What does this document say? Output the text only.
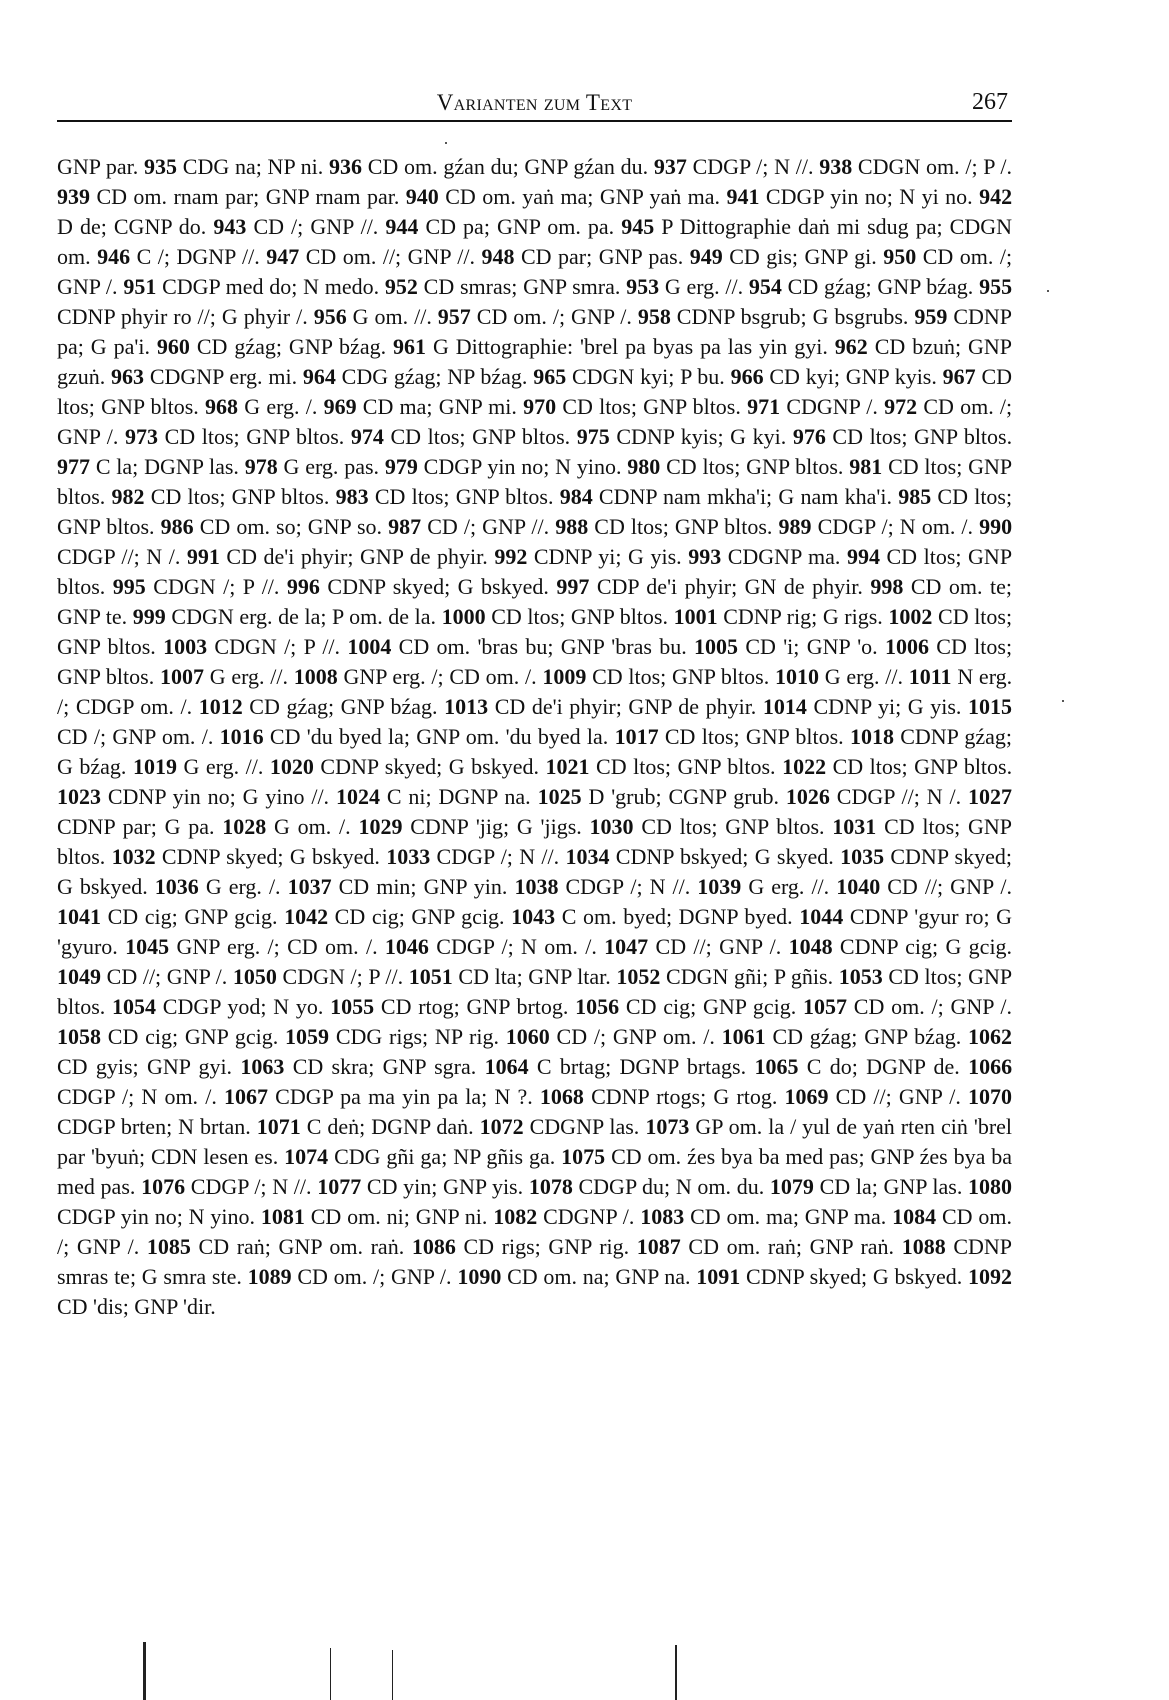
Varianten zum Text	267

GNP par. 935 CDG na; NP ni. 936 CD om. gźan du; GNP gźan du. 937 CDGP /; N //. 938 CDGN om. /; P /. 939 CD om. rnam par; GNP rnam par. 940 CD om. yaṅ ma; GNP yaṅ ma. 941 CDGP yin no; N yi no. 942 D de; CGNP do. 943 CD /; GNP //. 944 CD pa; GNP om. pa. 945 P Dittographie daṅ mi sdug pa; CDGN om. 946 C /; DGNP //. 947 CD om. //; GNP //. 948 CD par; GNP pas. 949 CD gis; GNP gi. 950 CD om. /; GNP /. 951 CDGP med do; N medo. 952 CD smras; GNP smra. 953 G erg. //. 954 CD gźag; GNP bźag. 955 CDNP phyir ro //; G phyir /. 956 G om. //. 957 CD om. /; GNP /. 958 CDNP bsgrub; G bsgrubs. 959 CDNP pa; G pa'i. 960 CD gźag; GNP bźag. 961 G Dittographie: 'brel pa byas pa las yin gyi. 962 CD bzuṅ; GNP gzuṅ. 963 CDGNP erg. mi. 964 CDG gźag; NP bźag. 965 CDGN kyi; P bu. 966 CD kyi; GNP kyis. 967 CD ltos; GNP bltos. 968 G erg. /. 969 CD ma; GNP mi. 970 CD ltos; GNP bltos. 971 CDGNP /. 972 CD om. /; GNP /. 973 CD ltos; GNP bltos. 974 CD ltos; GNP bltos. 975 CDNP kyis; G kyi. 976 CD ltos; GNP bltos. 977 C la; DGNP las. 978 G erg. pas. 979 CDGP yin no; N yino. 980 CD ltos; GNP bltos. 981 CD ltos; GNP bltos. 982 CD ltos; GNP bltos. 983 CD ltos; GNP bltos. 984 CDNP nam mkha'i; G nam kha'i. 985 CD ltos; GNP bltos. 986 CD om. so; GNP so. 987 CD /; GNP //. 988 CD ltos; GNP bltos. 989 CDGP /; N om. /. 990 CDGP //; N /. 991 CD de'i phyir; GNP de phyir. 992 CDNP yi; G yis. 993 CDGNP ma. 994 CD ltos; GNP bltos. 995 CDGN /; P //. 996 CDNP skyed; G bskyed. 997 CDP de'i phyir; GN de phyir. 998 CD om. te; GNP te. 999 CDGN erg. de la; P om. de la. 1000 CD ltos; GNP bltos. 1001 CDNP rig; G rigs. 1002 CD ltos; GNP bltos. 1003 CDGN /; P //. 1004 CD om. 'bras bu; GNP 'bras bu. 1005 CD 'i; GNP 'o. 1006 CD ltos; GNP bltos. 1007 G erg. //. 1008 GNP erg. /; CD om. /. 1009 CD ltos; GNP bltos. 1010 G erg. //. 1011 N erg. /; CDGP om. /. 1012 CD gźag; GNP bźag. 1013 CD de'i phyir; GNP de phyir. 1014 CDNP yi; G yis. 1015 CD /; GNP om. /. 1016 CD 'du byed la; GNP om. 'du byed la. 1017 CD ltos; GNP bltos. 1018 CDNP gźag; G bźag. 1019 G erg. //. 1020 CDNP skyed; G bskyed. 1021 CD ltos; GNP bltos. 1022 CD ltos; GNP bltos. 1023 CDNP yin no; G yino //. 1024 C ni; DGNP na. 1025 D 'grub; CGNP grub. 1026 CDGP //; N /. 1027 CDNP par; G pa. 1028 G om. /. 1029 CDNP 'jig; G 'jigs. 1030 CD ltos; GNP bltos. 1031 CD ltos; GNP bltos. 1032 CDNP skyed; G bskyed. 1033 CDGP /; N //. 1034 CDNP bskyed; G skyed. 1035 CDNP skyed; G bskyed. 1036 G erg. /. 1037 CD min; GNP yin. 1038 CDGP /; N //. 1039 G erg. //. 1040 CD //; GNP /. 1041 CD cig; GNP gcig. 1042 CD cig; GNP gcig. 1043 C om. byed; DGNP byed. 1044 CDNP 'gyur ro; G 'gyuro. 1045 GNP erg. /; CD om. /. 1046 CDGP /; N om. /. 1047 CD //; GNP /. 1048 CDNP cig; G gcig. 1049 CD //; GNP /. 1050 CDGN /; P //. 1051 CD lta; GNP ltar. 1052 CDGN gñi; P gñis. 1053 CD ltos; GNP bltos. 1054 CDGP yod; N yo. 1055 CD rtog; GNP brtog. 1056 CD cig; GNP gcig. 1057 CD om. /; GNP /. 1058 CD cig; GNP gcig. 1059 CDG rigs; NP rig. 1060 CD /; GNP om. /. 1061 CD gźag; GNP bźag. 1062 CD gyis; GNP gyi. 1063 CD skra; GNP sgra. 1064 C brtag; DGNP brtags. 1065 C do; DGNP de. 1066 CDGP /; N om. /. 1067 CDGP pa ma yin pa la; N ?. 1068 CDNP rtogs; G rtog. 1069 CD //; GNP /. 1070 CDGP brten; N brtan. 1071 C deṅ; DGNP daṅ. 1072 CDGNP las. 1073 GP om. la / yul de yaṅ rten ciṅ 'brel par 'byuṅ; CDN lesen es. 1074 CDG gñi ga; NP gñis ga. 1075 CD om. źes bya ba med pas; GNP źes bya ba med pas. 1076 CDGP /; N //. 1077 CD yin; GNP yis. 1078 CDGP du; N om. du. 1079 CD la; GNP las. 1080 CDGP yin no; N yino. 1081 CD om. ni; GNP ni. 1082 CDGNP /. 1083 CD om. ma; GNP ma. 1084 CD om. /; GNP /. 1085 CD raṅ; GNP om. raṅ. 1086 CD rigs; GNP rig. 1087 CD om. raṅ; GNP raṅ. 1088 CDNP smras te; G smra ste. 1089 CD om. /; GNP /. 1090 CD om. na; GNP na. 1091 CDNP skyed; G bskyed. 1092 CD 'dis; GNP 'dir.
